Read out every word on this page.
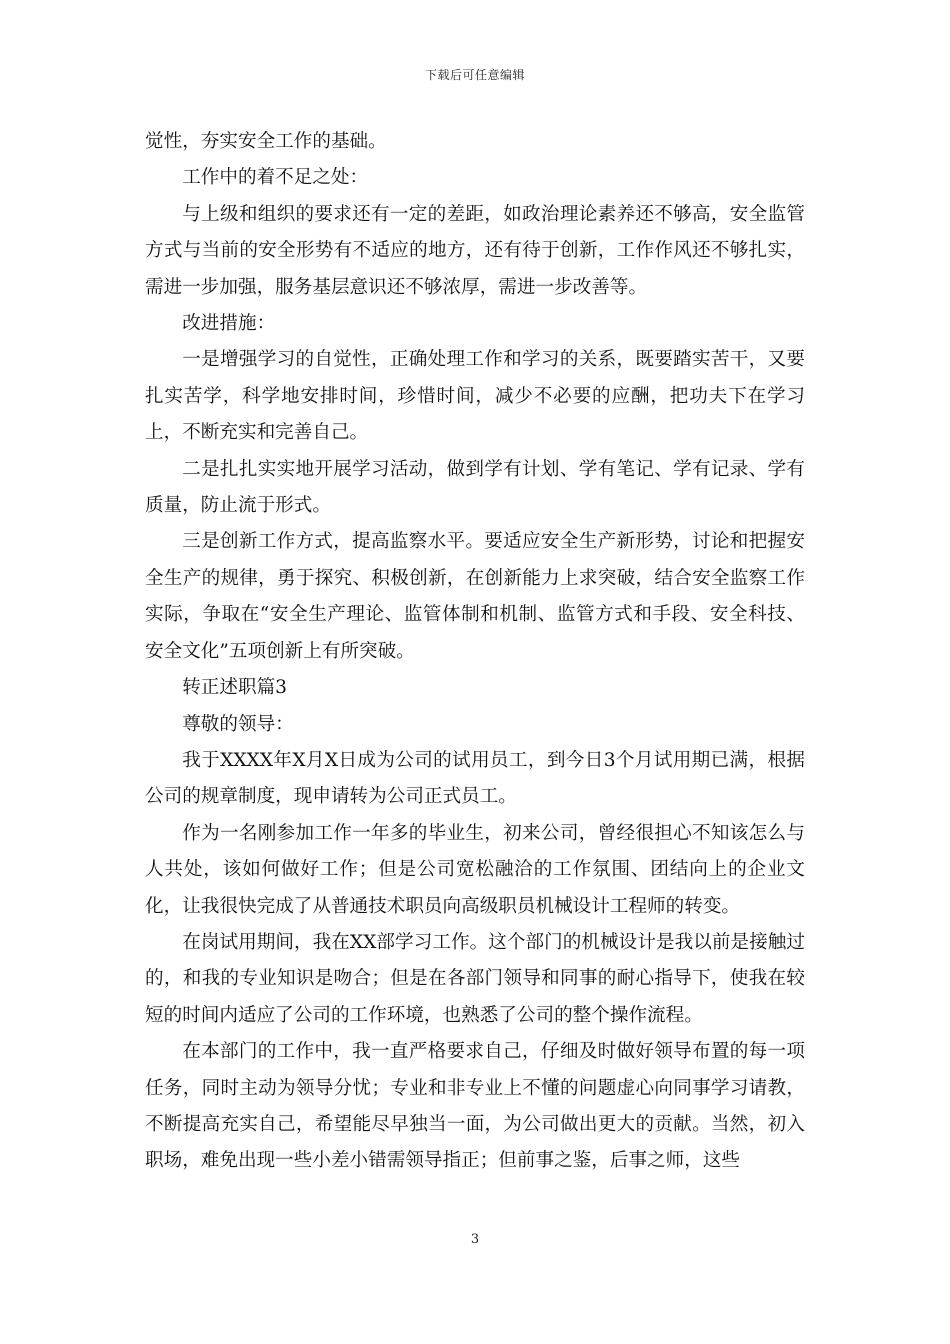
下载后可任意编辑

觉性，夯实安全工作的基础。

工作中的着不足之处：

与上级和组织的要求还有一定的差距，如政治理论素养还不够高，安全监管方式与当前的安全形势有不适应的地方，还有待于创新，工作作风还不够扎实，需进一步加强，服务基层意识还不够浓厚，需进一步改善等。

改进措施：

一是增强学习的自觉性，正确处理工作和学习的关系，既要踏实苦干，又要扎实苦学，科学地安排时间，珍惜时间，减少不必要的应酬，把功夫下在学习上，不断充实和完善自己。

二是扎扎实实地开展学习活动，做到学有计划、学有笔记、学有记录、学有质量，防止流于形式。

三是创新工作方式，提高监察水平。要适应安全生产新形势，讨论和把握安全生产的规律，勇于探究、积极创新，在创新能力上求突破，结合安全监察工作实际，争取在“安全生产理论、监管体制和机制、监管方式和手段、安全科技、安全文化”五项创新上有所突破。

转正述职篇3

尊敬的领导：

我于XXXX年X月X日成为公司的试用员工，到今日3个月试用期已满，根据公司的规章制度，现申请转为公司正式员工。

作为一名刚参加工作一年多的毕业生，初来公司，曾经很担心不知该怎么与人共处，该如何做好工作；但是公司宽松融洽的工作氛围、团结向上的企业文化，让我很快完成了从普通技术职员向高级职员机械设计工程师的转变。

在岗试用期间，我在XX部学习工作。这个部门的机械设计是我以前是接触过的，和我的专业知识是吻合；但是在各部门领导和同事的耐心指导下，使我在较短的时间内适应了公司的工作环境，也熟悉了公司的整个操作流程。

在本部门的工作中，我一直严格要求自己，仔细及时做好领导布置的每一项任务，同时主动为领导分忧；专业和非专业上不懂的问题虚心向同事学习请教，不断提高充实自己，希望能尽早独当一面，为公司做出更大的贡献。当然，初入职场，难免出现一些小差小错需领导指正；但前事之鉴，后事之师，这些

3
